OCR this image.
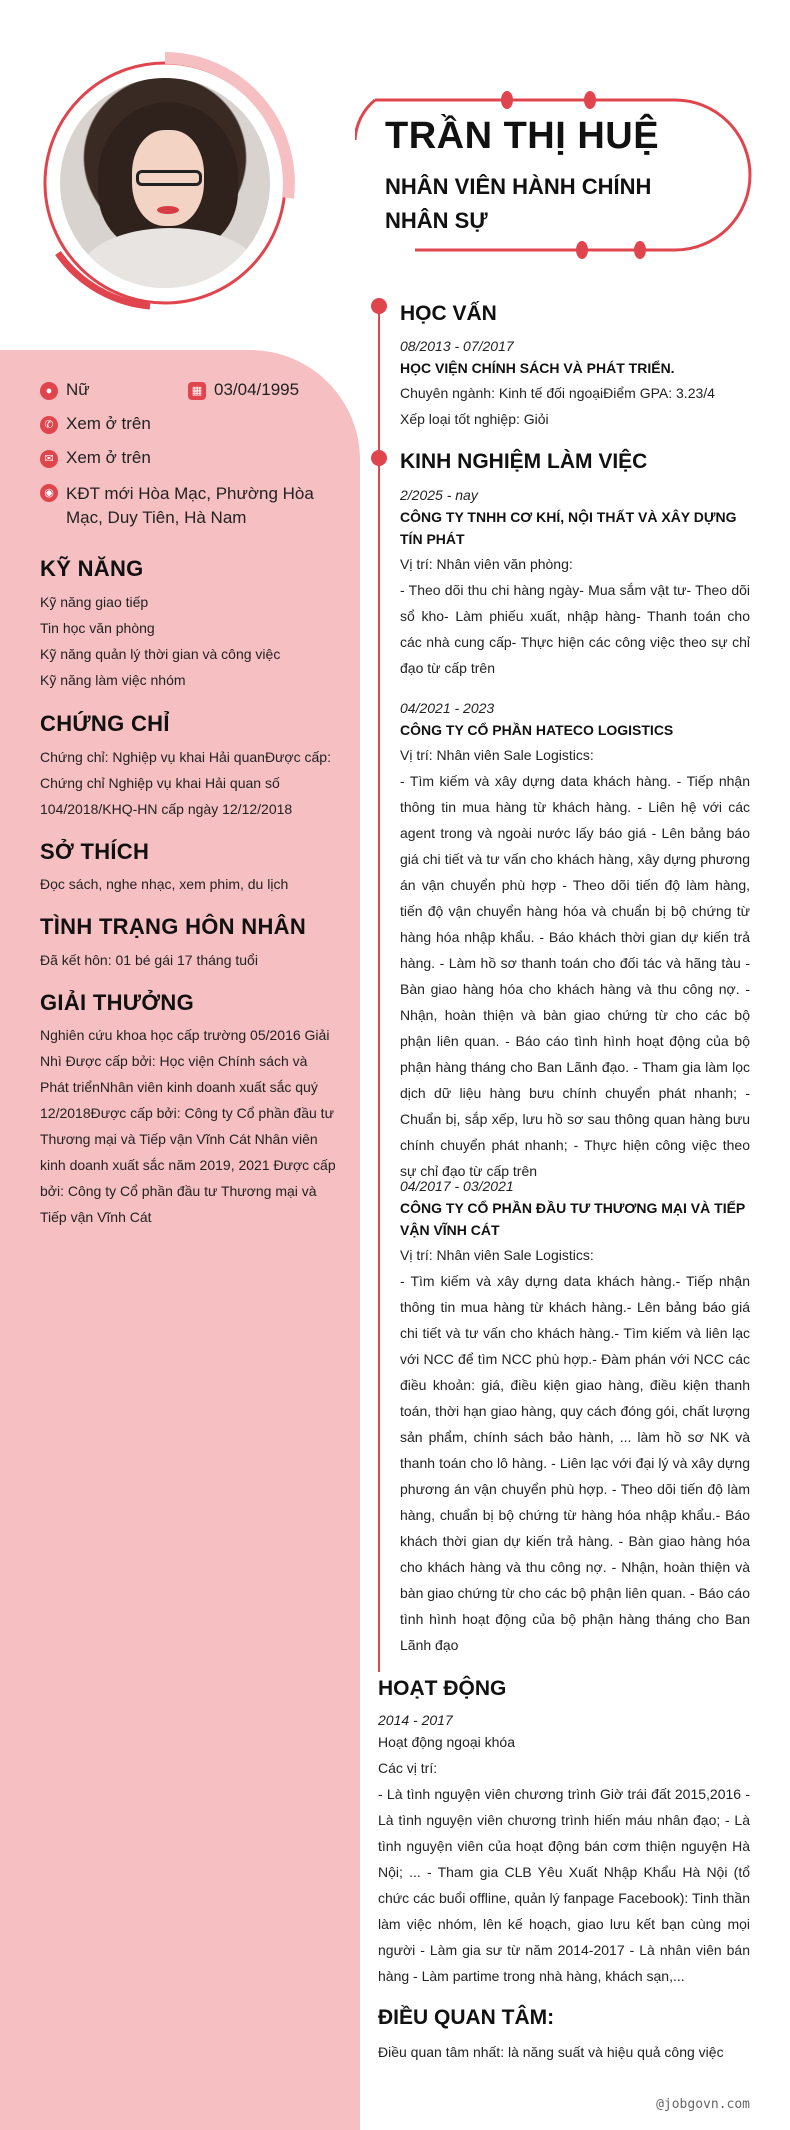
TRẦN THỊ HUỆ
NHÂN VIÊN HÀNH CHÍNH NHÂN SỰ
● Nữ	▦ 03/04/1995
✆ Xem ở trên
✉ Xem ở trên
◉ KĐT mới Hòa Mạc, Phường Hòa Mạc, Duy Tiên, Hà Nam
KỸ NĂNG
Kỹ năng giao tiếp
Tin học văn phòng
Kỹ năng quản lý thời gian và công việc
Kỹ năng làm việc nhóm
CHỨNG CHỈ
Chứng chỉ: Nghiệp vụ khai Hải quanĐược cấp: Chứng chỉ Nghiệp vụ khai Hải quan số 104/2018/KHQ-HN cấp ngày 12/12/2018
SỞ THÍCH
Đọc sách, nghe nhạc, xem phim, du lịch
TÌNH TRẠNG HÔN NHÂN
Đã kết hôn: 01 bé gái 17 tháng tuổi
GIẢI THƯỞNG
Nghiên cứu khoa học cấp trường 05/2016 Giải Nhì Được cấp bởi: Học viện Chính sách và Phát triểnNhân viên kinh doanh xuất sắc quý 12/2018Được cấp bởi: Công ty Cổ phần đầu tư Thương mại và Tiếp vận Vĩnh Cát Nhân viên kinh doanh xuất sắc năm 2019, 2021 Được cấp bởi: Công ty Cổ phần đầu tư Thương mại và Tiếp vận Vĩnh Cát
HỌC VẤN
08/2013 - 07/2017
HỌC VIỆN CHÍNH SÁCH VÀ PHÁT TRIỂN.
Chuyên ngành: Kinh tế đối ngoạiĐiểm GPA: 3.23/4
Xếp loại tốt nghiệp: Giỏi
KINH NGHIỆM LÀM VIỆC
2/2025 - nay
CÔNG TY TNHH CƠ KHÍ, NỘI THẤT VÀ XÂY DỰNG TÍN PHÁT
Vị trí: Nhân viên văn phòng:
- Theo dõi thu chi hàng ngày- Mua sắm vật tư- Theo dõi sổ kho- Làm phiếu xuất, nhập hàng- Thanh toán cho các nhà cung cấp- Thực hiện các công việc theo sự chỉ đạo từ cấp trên
04/2021 - 2023
CÔNG TY CỔ PHẦN HATECO LOGISTICS
Vị trí: Nhân viên Sale Logistics:
- Tìm kiếm và xây dựng data khách hàng. - Tiếp nhận thông tin mua hàng từ khách hàng. - Liên hệ với các agent trong và ngoài nước lấy báo giá - Lên bảng báo giá chi tiết và tư vấn cho khách hàng, xây dựng phương án vận chuyển phù hợp - Theo dõi tiến độ làm hàng, tiến độ vận chuyển hàng hóa và chuẩn bị bộ chứng từ hàng hóa nhập khẩu. - Báo khách thời gian dự kiến trả hàng. - Làm hồ sơ thanh toán cho đối tác và hãng tàu - Bàn giao hàng hóa cho khách hàng và thu công nợ. - Nhận, hoàn thiện và bàn giao chứng từ cho các bộ phận liên quan. - Báo cáo tình hình hoạt động của bộ phận hàng tháng cho Ban Lãnh đạo. - Tham gia làm lọc dịch dữ liệu hàng bưu chính chuyển phát nhanh; - Chuẩn bị, sắp xếp, lưu hồ sơ sau thông quan hàng bưu chính chuyển phát nhanh; - Thực hiện công việc theo sự chỉ đạo từ cấp trên
04/2017 - 03/2021
CÔNG TY CỔ PHẦN ĐẦU TƯ THƯƠNG MẠI VÀ TIẾP VẬN VĨNH CÁT
Vị trí: Nhân viên Sale Logistics:
- Tìm kiếm và xây dựng data khách hàng.- Tiếp nhận thông tin mua hàng từ khách hàng.- Lên bảng báo giá chi tiết và tư vấn cho khách hàng.- Tìm kiếm và liên lạc với NCC để tìm NCC phù hợp.- Đàm phán với NCC các điều khoản: giá, điều kiện giao hàng, điều kiện thanh toán, thời hạn giao hàng, quy cách đóng gói, chất lượng sản phẩm, chính sách bảo hành, ... làm hồ sơ NK và thanh toán cho lô hàng. - Liên lạc với đại lý và xây dựng phương án vận chuyển phù hợp. - Theo dõi tiến độ làm hàng, chuẩn bị bộ chứng từ hàng hóa nhập khẩu.- Báo khách thời gian dự kiến trả hàng. - Bàn giao hàng hóa cho khách hàng và thu công nợ. - Nhận, hoàn thiện và bàn giao chứng từ cho các bộ phận liên quan. - Báo cáo tình hình hoạt động của bộ phận hàng tháng cho Ban Lãnh đạo
HOẠT ĐỘNG
2014 - 2017
Hoạt động ngoại khóa
Các vị trí:
- Là tình nguyện viên chương trình Giờ trái đất 2015,2016 - Là tình nguyện viên chương trình hiến máu nhân đạo; - Là tình nguyện viên của hoạt động bán cơm thiện nguyện Hà Nội; ... - Tham gia CLB Yêu Xuất Nhập Khẩu Hà Nội (tổ chức các buổi offline, quản lý fanpage Facebook): Tinh thần làm việc nhóm, lên kế hoạch, giao lưu kết bạn cùng mọi người - Làm gia sư từ năm 2014-2017 - Là nhân viên bán hàng - Làm partime trong nhà hàng, khách sạn,...
ĐIỀU QUAN TÂM:
Điều quan tâm nhất: là năng suất và hiệu quả công việc
@jobgovn.com
